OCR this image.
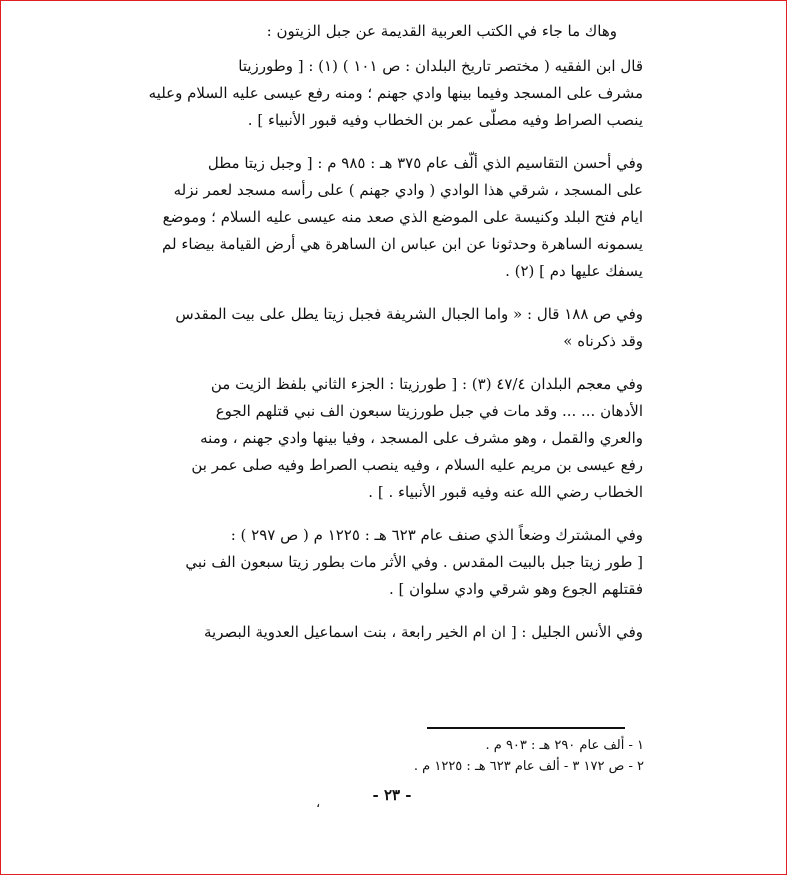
وهاك ما جاء في الكتب العربية القديمة عن جبل الزيتون :
قال ابن الفقيه ( مختصر تاريخ البلدان : ص ١٠١ ) (١) : [ وطورزيتا
مشرف على المسجد وفيما بينها وادي جهنم ؛ ومنه رفع عيسى عليه السلام وعليه
ينصب الصراط وفيه مصلّى عمر بن الخطاب وفيه قبور الأنبياء ] .
وفي أحسن التقاسيم الذي ألّف عام ٣٧٥ هـ : ٩٨٥ م : [ وجبل زيتا مطل
على المسجد ، شرقي هذا الوادي ( وادي جهنم ) على رأسه مسجد لعمر نزله
ايام فتح البلد وكنيسة على الموضع الذي صعد منه عيسى عليه السلام ؛ وموضع
يسمونه الساهرة وحدثونا عن ابن عباس ان الساهرة هي أرض القيامة بيضاء لم
يسفك عليها دم ] (٢) .
وفي ص ١٨٨ قال : « واما الجبال الشريفة فجبل زيتا يطل على بيت المقدس
وقد ذكرناه »
وفي معجم البلدان ٤٧/٤ (٣) : [ طورزيتا : الجزء الثاني بلفظ الزيت من
الأدهان ... ... وقد مات في جبل طورزيتا سبعون الف نبي قتلهم الجوع
والعري والقمل ، وهو مشرف على المسجد ، وفيا بينها وادي جهنم ، ومنه
رفع عيسى بن مريم عليه السلام ، وفيه ينصب الصراط وفيه صلى عمر بن
الخطاب رضي الله عنه وفيه قبور الأنبياء . ] .
وفي المشترك وضعاً الذي صنف عام ٦٢٣ هـ : ١٢٢٥ م ( ص ٢٩٧ ) :
[ طور زيتا جبل بالبيت المقدس . وفي الأثر مات بطور زيتا سبعون الف نبي
فقتلهم الجوع وهو شرقي وادي سلوان ] .
وفي الأنس الجليل : [ ان ام الخير رابعة ، بنت اسماعيل العدوية البصرية
١ - ألف عام ٢٩٠ هـ : ٩٠٣ م .
٢ - ص ١٧٢ ٣ - ألف عام ٦٢٣ هـ : ١٢٢٥ م .
،	- ٢٣ -
